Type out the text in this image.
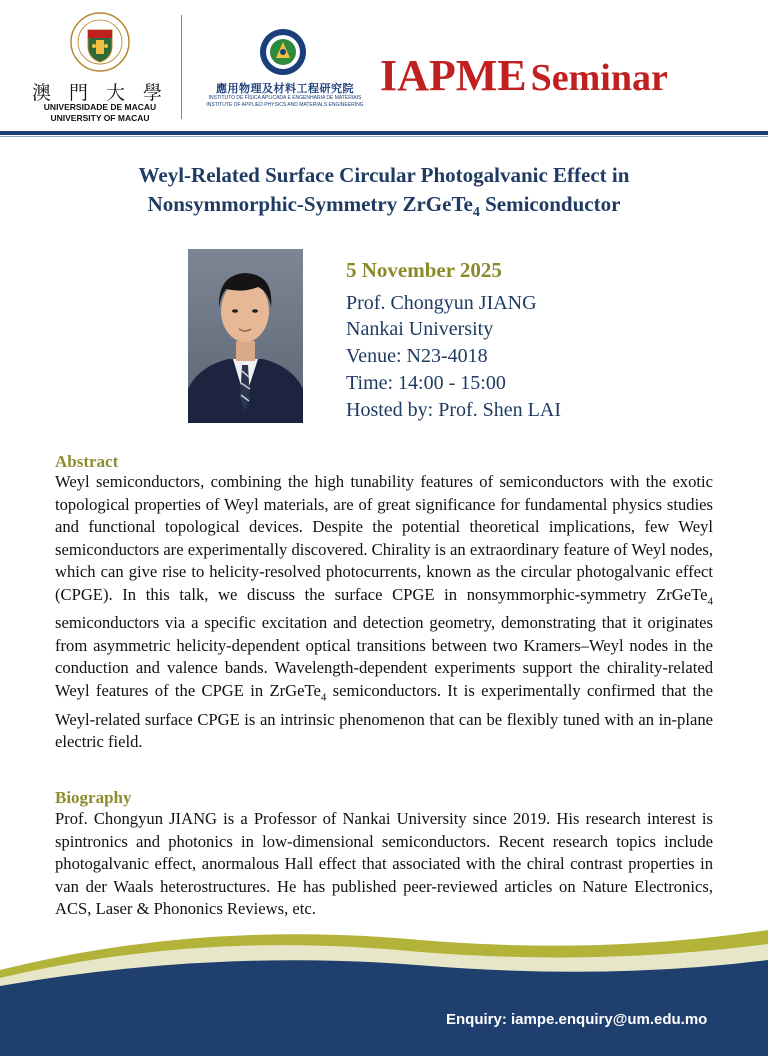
澳 門 大 學
UNIVERSIDADE DE MACAU
UNIVERSITY OF MACAU
應用物理及材料工程研究院
INSTITUTO DE FÍSICA APLICADA E ENGENHARIA DE MATERIAIS
INSTITUTE OF APPLIED PHYSICS AND MATERIALS ENGINEERING
IAPME Seminar
Weyl-Related Surface Circular Photogalvanic Effect in
Nonsymmorphic-Symmetry ZrGeTe$_4$ Semiconductor
5 November 2025
Prof. Chongyun JIANG
Nankai University
Venue: N23-4018
Time: 14:00 - 15:00
Hosted by: Prof. Shen LAI
Abstract
Weyl semiconductors, combining the high tunability features of semiconductors with the exotic topological properties of Weyl materials, are of great significance for fundamental physics studies and functional topological devices. Despite the potential theoretical implications, few Weyl semiconductors are experimentally discovered. Chirality is an extraordinary feature of Weyl nodes, which can give rise to helicity-resolved photocurrents, known as the circular photogalvanic effect (CPGE). In this talk, we discuss the surface CPGE in nonsymmorphic-symmetry ZrGeTe$_4$ semiconductors via a specific excitation and detection geometry, demonstrating that it originates from asymmetric helicity-dependent optical transitions between two Kramers–Weyl nodes in the conduction and valence bands. Wavelength-dependent experiments support the chirality-related Weyl features of the CPGE in ZrGeTe$_4$ semiconductors. It is experimentally confirmed that the Weyl-related surface CPGE is an intrinsic phenomenon that can be flexibly tuned with an in-plane electric field.
Biography
Prof. Chongyun JIANG is a Professor of Nankai University since 2019. His research interest is spintronics and photonics in low-dimensional semiconductors. Recent research topics include photogalvanic effect, anormalous Hall effect that associated with the chiral contrast properties in van der Waals heterostructures. He has published peer-reviewed articles on Nature Electronics, ACS, Laser & Phononics Reviews, etc.
Enquiry: iampe.enquiry@um.edu.mo
